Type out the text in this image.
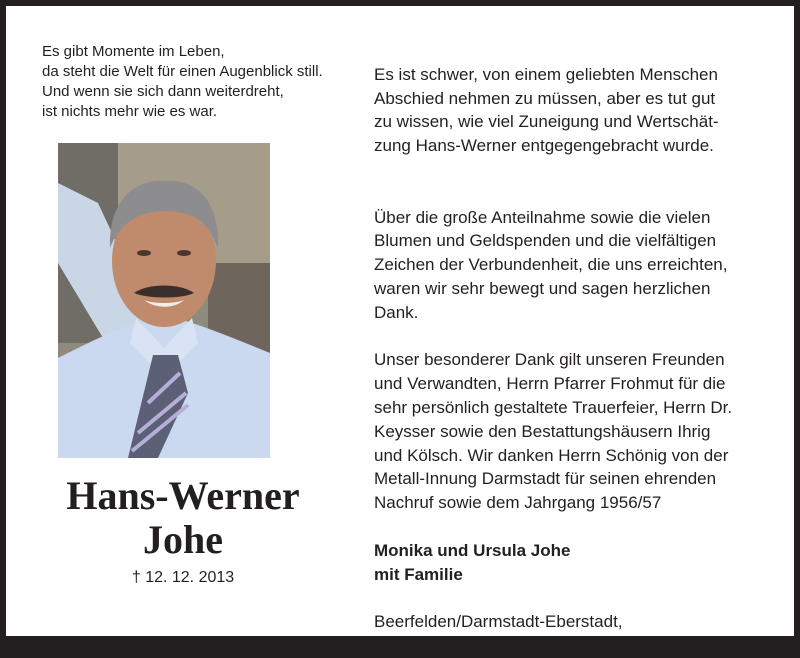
Es gibt Momente im Leben,
da steht die Welt für einen Augenblick still.
Und wenn sie sich dann weiterdreht,
ist nichts mehr wie es war.
Hans-Werner
Johe
† 12. 12. 2013

Es ist schwer, von einem geliebten Menschen
Abschied nehmen zu müssen, aber es tut gut
zu wissen, wie viel Zuneigung und Wertschät-
zung Hans-Werner entgegengebracht wurde.

Über die große Anteilnahme sowie die vielen
Blumen und Geldspenden und die vielfältigen
Zeichen der Verbundenheit, die uns erreichten,
waren wir sehr bewegt und sagen herzlichen
Dank.
Unser besonderer Dank gilt unseren Freunden
und Verwandten, Herrn Pfarrer Frohmut für die
sehr persönlich gestaltete Trauerfeier, Herrn Dr.
Keysser sowie den Bestattungshäusern Ihrig
und Kölsch. Wir danken Herrn Schönig von der
Metall-Innung Darmstadt für seinen ehrenden
Nachruf sowie dem Jahrgang 1956/57
Monika und Ursula Johe
mit Familie
Beerfelden/Darmstadt-Eberstadt,
im Januar 2014
